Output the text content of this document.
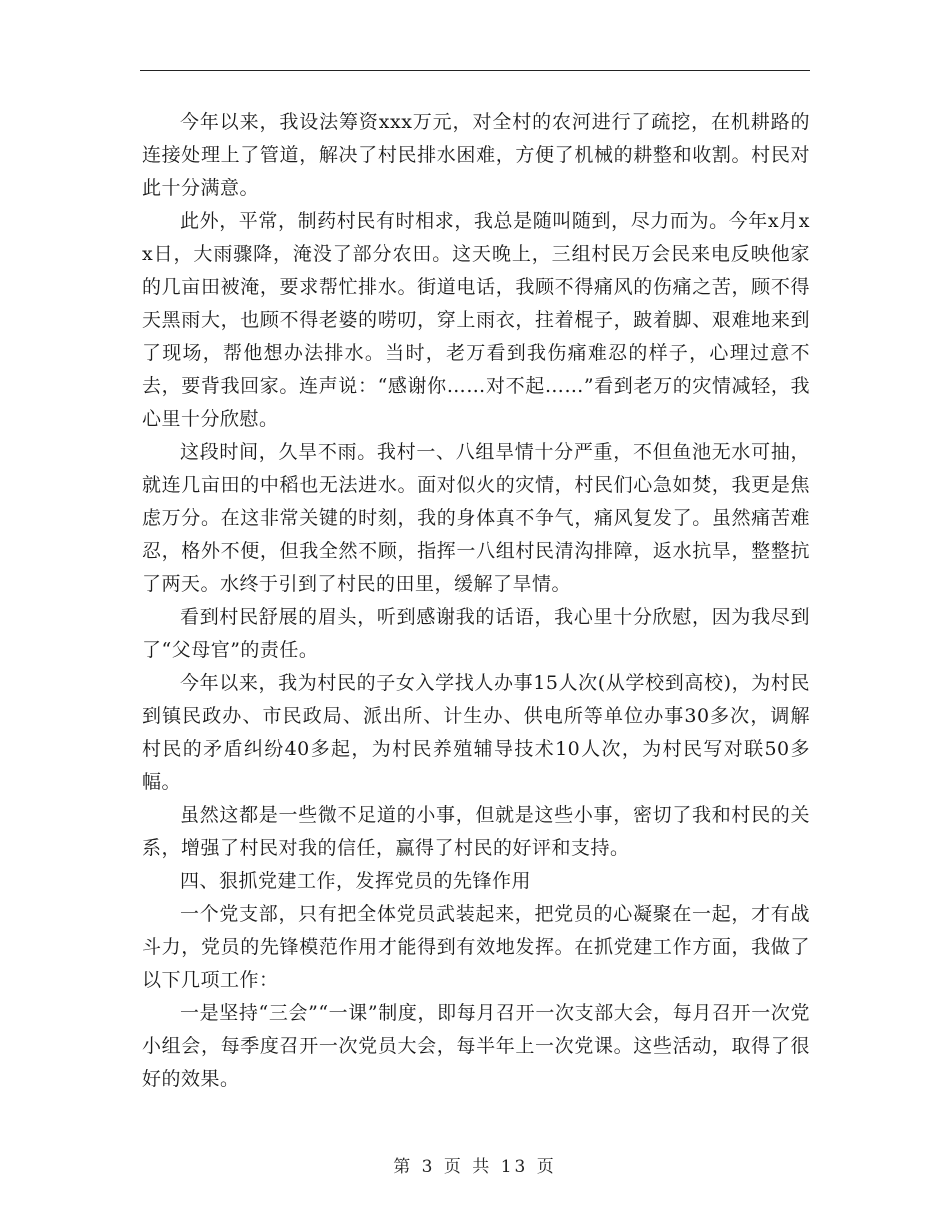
今年以来，我设法筹资xxx万元，对全村的农河进行了疏挖，在机耕路的连接处理上了管道，解决了村民排水困难，方便了机械的耕整和收割。村民对此十分满意。

此外，平常，制药村民有时相求，我总是随叫随到，尽力而为。今年x月xx日，大雨骤降，淹没了部分农田。这天晚上，三组村民万会民来电反映他家的几亩田被淹，要求帮忙排水。街道电话，我顾不得痛风的伤痛之苦，顾不得天黑雨大，也顾不得老婆的唠叨，穿上雨衣，拄着棍子，跛着脚、艰难地来到了现场，帮他想办法排水。当时，老万看到我伤痛难忍的样子，心理过意不去，要背我回家。连声说：“感谢你……对不起……”看到老万的灾情减轻，我心里十分欣慰。

这段时间，久旱不雨。我村一、八组旱情十分严重，不但鱼池无水可抽，就连几亩田的中稻也无法进水。面对似火的灾情，村民们心急如焚，我更是焦虑万分。在这非常关键的时刻，我的身体真不争气，痛风复发了。虽然痛苦难忍，格外不便，但我全然不顾，指挥一八组村民清沟排障，返水抗旱，整整抗了两天。水终于引到了村民的田里，缓解了旱情。

看到村民舒展的眉头，听到感谢我的话语，我心里十分欣慰，因为我尽到了“父母官”的责任。

今年以来，我为村民的子女入学找人办事15人次(从学校到高校)，为村民到镇民政办、市民政局、派出所、计生办、供电所等单位办事30多次，调解村民的矛盾纠纷40多起，为村民养殖辅导技术10人次，为村民写对联50多幅。

虽然这都是一些微不足道的小事，但就是这些小事，密切了我和村民的关系，增强了村民对我的信任，赢得了村民的好评和支持。

四、狠抓党建工作，发挥党员的先锋作用

一个党支部，只有把全体党员武装起来，把党员的心凝聚在一起，才有战斗力，党员的先锋模范作用才能得到有效地发挥。在抓党建工作方面，我做了以下几项工作：

一是坚持“三会”“一课”制度，即每月召开一次支部大会，每月召开一次党小组会，每季度召开一次党员大会，每半年上一次党课。这些活动，取得了很好的效果。

第 3 页 共 13 页
